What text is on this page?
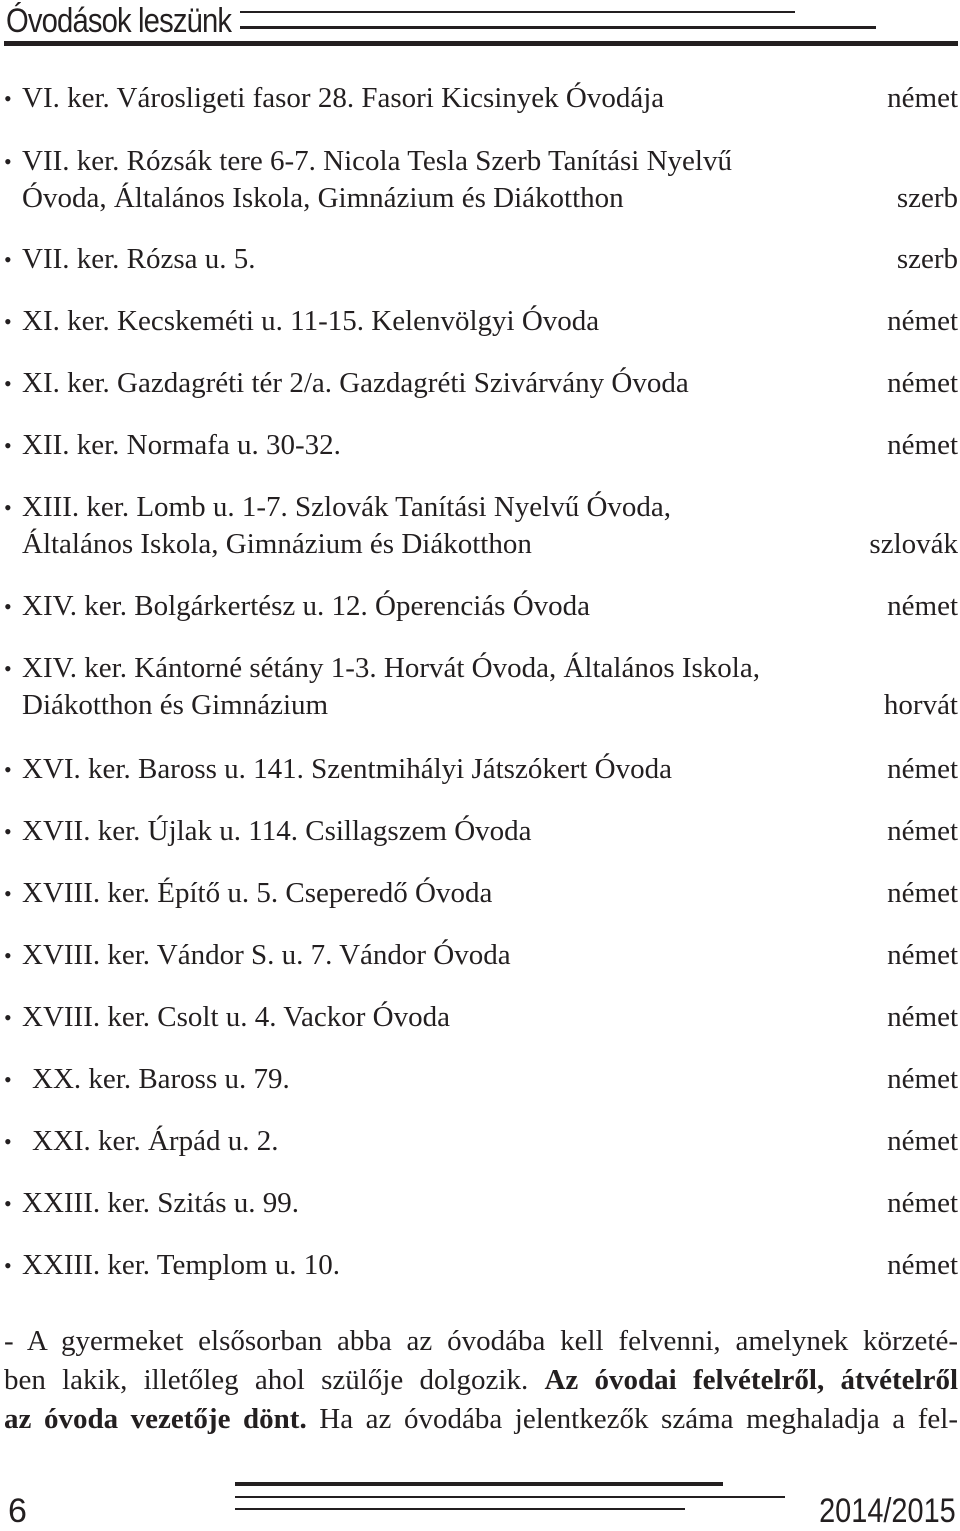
Óvodások leszünk
• VI. ker. Városligeti fasor 28. Fasori Kicsinyek Óvodája	német
• VII. ker. Rózsák tere 6-7. Nicola Tesla Szerb Tanítási Nyelvű
Óvoda, Általános Iskola, Gimnázium és Diákotthon	szerb
• VII. ker. Rózsa u. 5.	szerb
• XI. ker. Kecskeméti u. 11-15. Kelenvölgyi Óvoda	német
• XI. ker. Gazdagréti tér 2/a. Gazdagréti Szivárvány Óvoda	német
• XII. ker. Normafa u. 30-32.	német
• XIII. ker. Lomb u. 1-7. Szlovák Tanítási Nyelvű Óvoda,
Általános Iskola, Gimnázium és Diákotthon	szlovák
• XIV. ker. Bolgárkertész u. 12. Óperenciás Óvoda	német
• XIV. ker. Kántorné sétány 1-3. Horvát Óvoda, Általános Iskola,
Diákotthon és Gimnázium	horvát
• XVI. ker. Baross u. 141. Szentmihályi Játszókert Óvoda	német
• XVII. ker. Újlak u. 114. Csillagszem Óvoda	német
• XVIII. ker. Építő u. 5. Cseperedő Óvoda	német
• XVIII. ker. Vándor S. u. 7. Vándor Óvoda	német
• XVIII. ker. Csolt u. 4. Vackor Óvoda	német
• XX. ker. Baross u. 79.	német
• XXI. ker. Árpád u. 2.	német
• XXIII. ker. Szitás u. 99.	német
• XXIII. ker. Templom u. 10.	német
- A gyermeket elsősorban abba az óvodába kell felvenni, amelynek körzeté-
ben lakik, illetőleg ahol szülője dolgozik. Az óvodai felvételről, átvételről
az óvoda vezetője dönt. Ha az óvodába jelentkezők száma meghaladja a fel-
6	2014/2015
